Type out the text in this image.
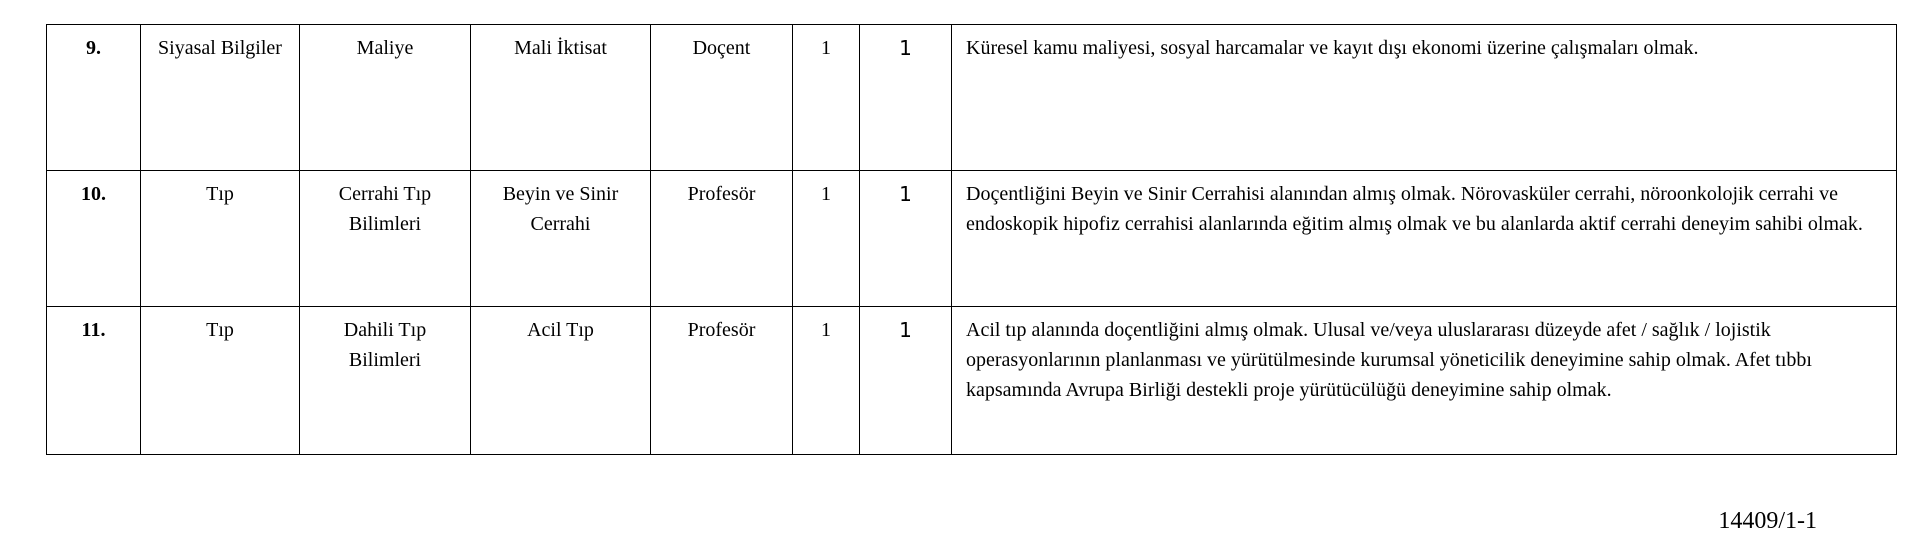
9.	Siyasal Bilgiler	Maliye	Mali İktisat	Doçent	1	1	Küresel kamu maliyesi, sosyal harcamalar ve kayıt dışı ekonomi üzerine çalışmaları olmak.
10.	Tıp	Cerrahi Tıp Bilimleri	Beyin ve Sinir Cerrahi	Profesör	1	1	Doçentliğini Beyin ve Sinir Cerrahisi alanından almış olmak. Nörovasküler cerrahi, nöroonkolojik cerrahi ve endoskopik hipofiz cerrahisi alanlarında eğitim almış olmak ve bu alanlarda aktif cerrahi deneyim sahibi olmak.
11.	Tıp	Dahili Tıp Bilimleri	Acil Tıp	Profesör	1	1	Acil tıp alanında doçentliğini almış olmak. Ulusal ve/veya uluslararası düzeyde afet / sağlık / lojistik operasyonlarının planlanması ve yürütülmesinde kurumsal yöneticilik deneyimine sahip olmak. Afet tıbbı kapsamında Avrupa Birliği destekli proje yürütücülüğü deneyimine sahip olmak.
14409/1-1
